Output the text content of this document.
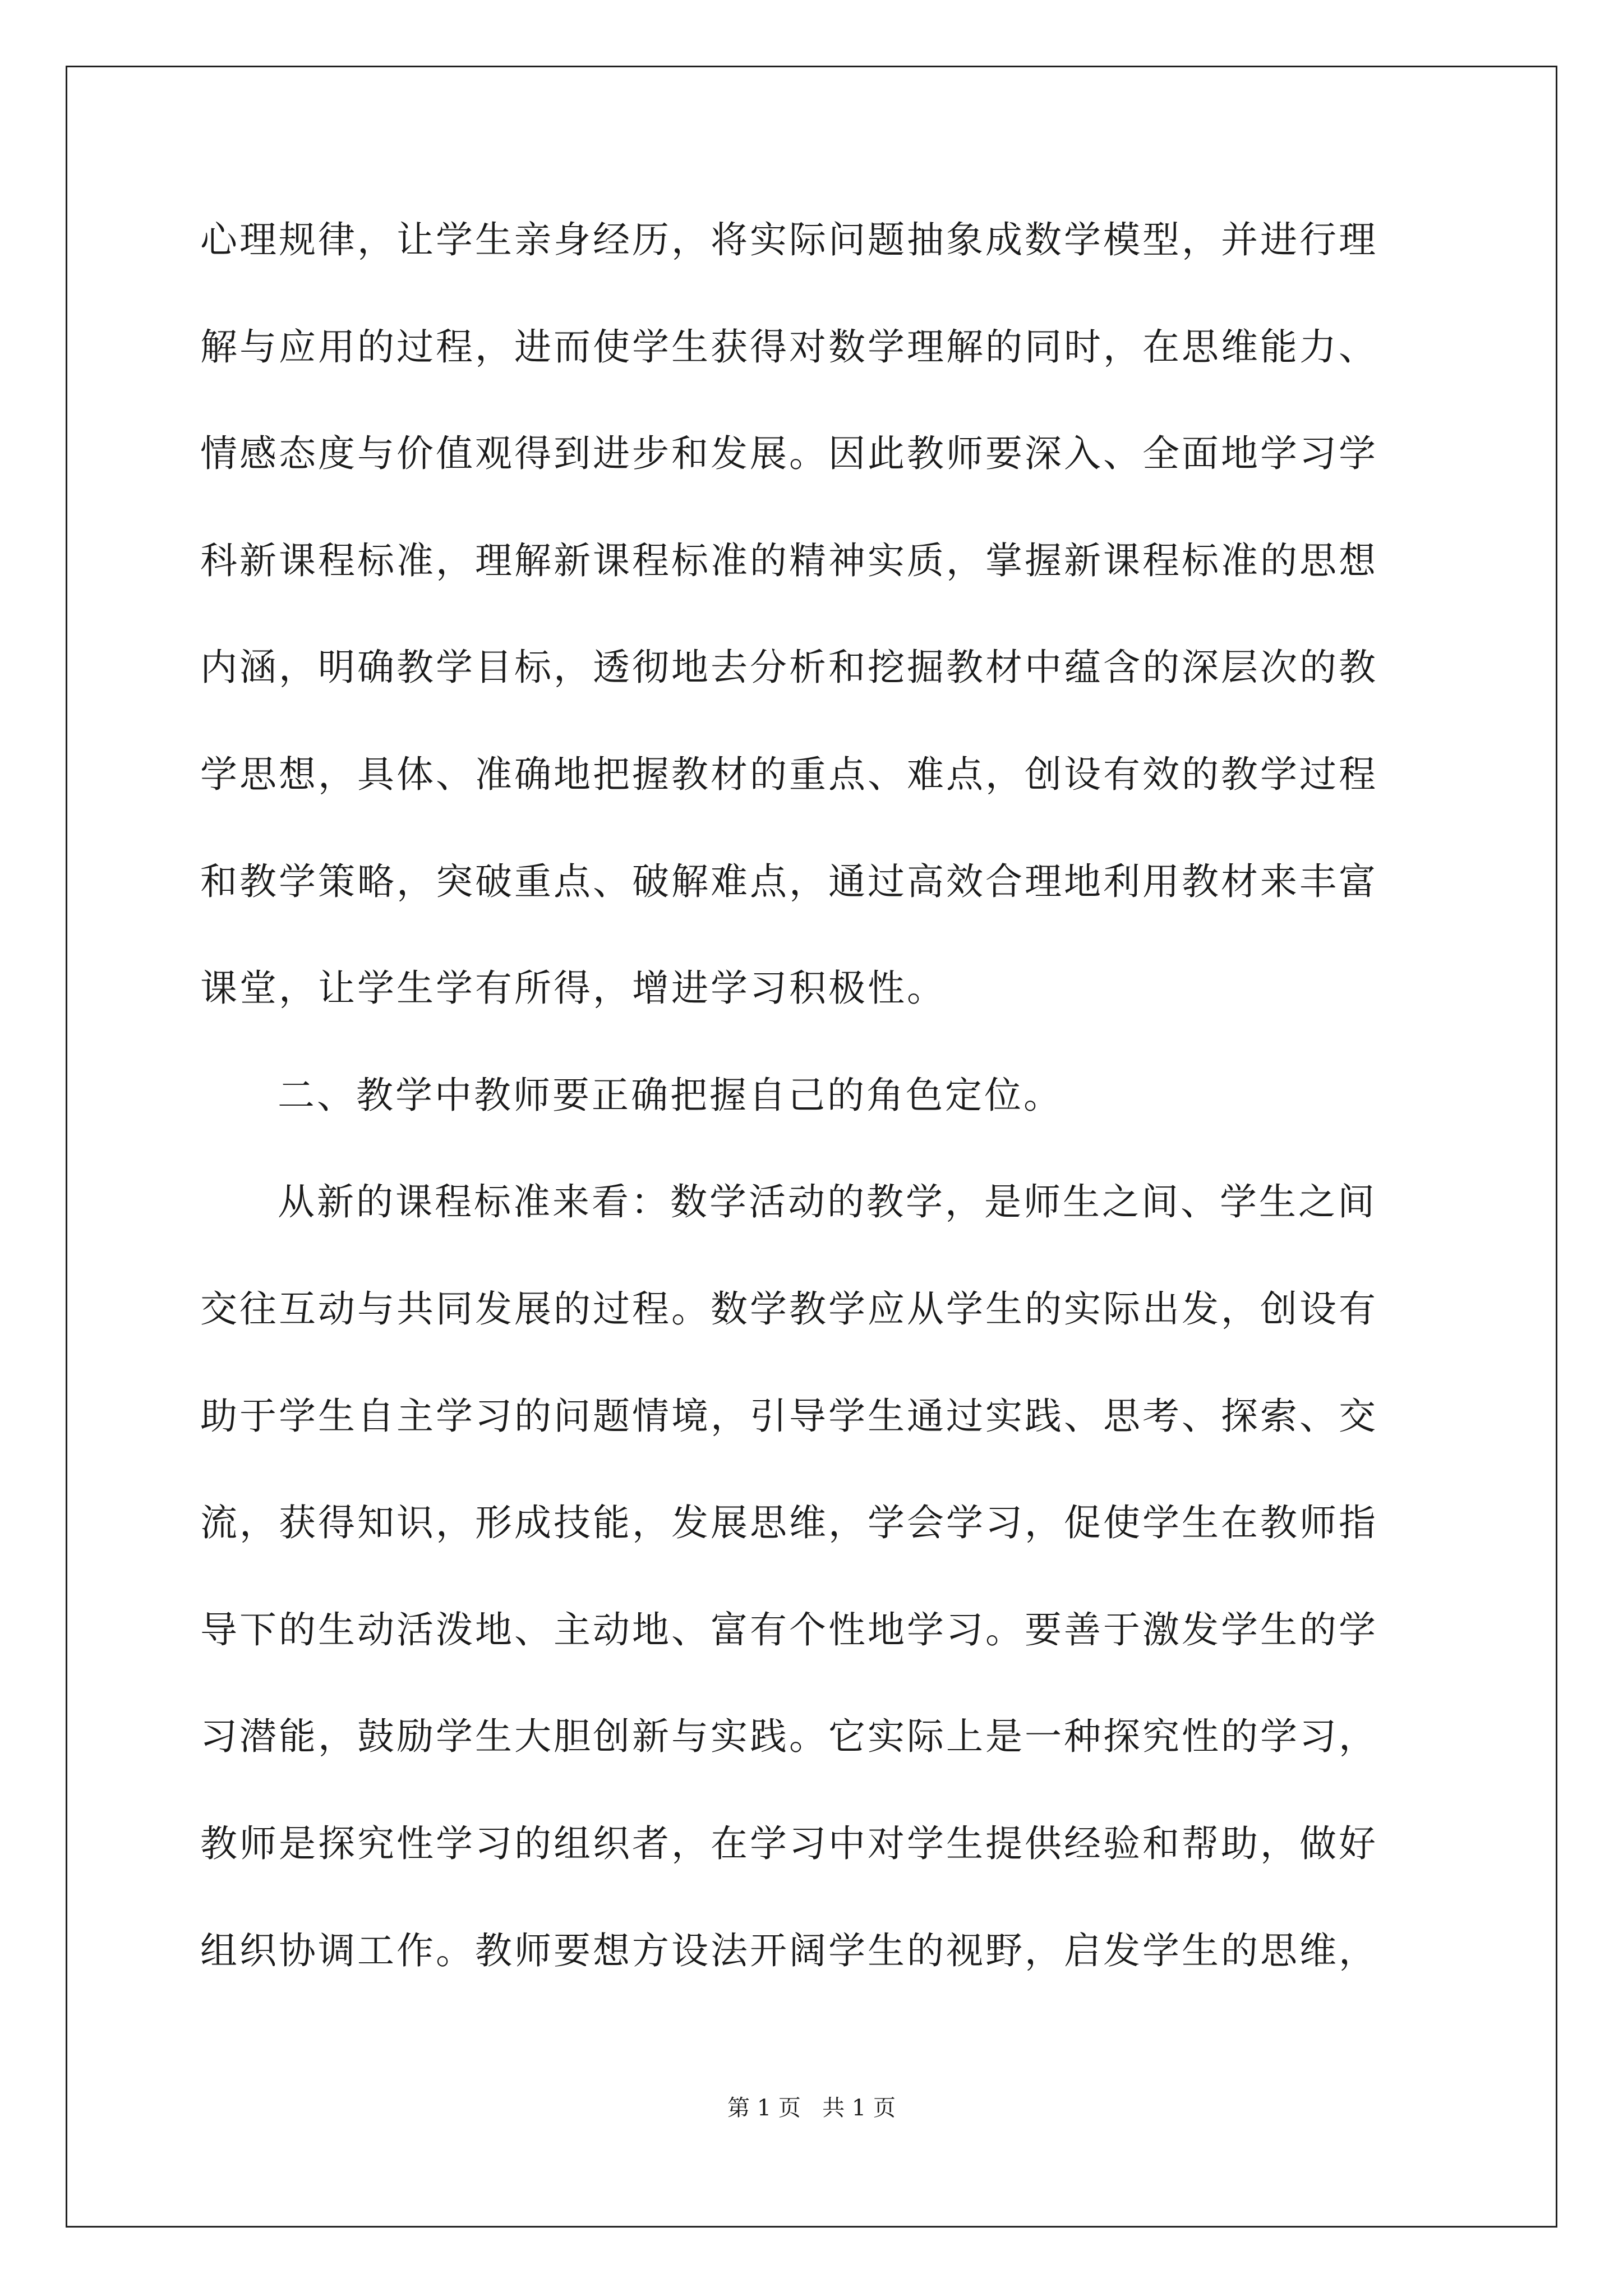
心理规律，让学生亲身经历，将实际问题抽象成数学模型，并进行理
解与应用的过程，进而使学生获得对数学理解的同时，在思维能力、
情感态度与价值观得到进步和发展。因此教师要深入、全面地学习学
科新课程标准，理解新课程标准的精神实质，掌握新课程标准的思想
内涵，明确教学目标，透彻地去分析和挖掘教材中蕴含的深层次的教
学思想，具体、准确地把握教材的重点、难点，创设有效的教学过程
和教学策略，突破重点、破解难点，通过高效合理地利用教材来丰富
课堂，让学生学有所得，增进学习积极性。
二、教学中教师要正确把握自己的角色定位。
从新的课程标准来看：数学活动的教学，是师生之间、学生之间
交往互动与共同发展的过程。数学教学应从学生的实际出发，创设有
助于学生自主学习的问题情境，引导学生通过实践、思考、探索、交
流，获得知识，形成技能，发展思维，学会学习，促使学生在教师指
导下的生动活泼地、主动地、富有个性地学习。要善于激发学生的学
习潜能，鼓励学生大胆创新与实践。它实际上是一种探究性的学习，
教师是探究性学习的组织者，在学习中对学生提供经验和帮助，做好
组织协调工作。教师要想方设法开阔学生的视野，启发学生的思维，
第 1 页   共 1 页
